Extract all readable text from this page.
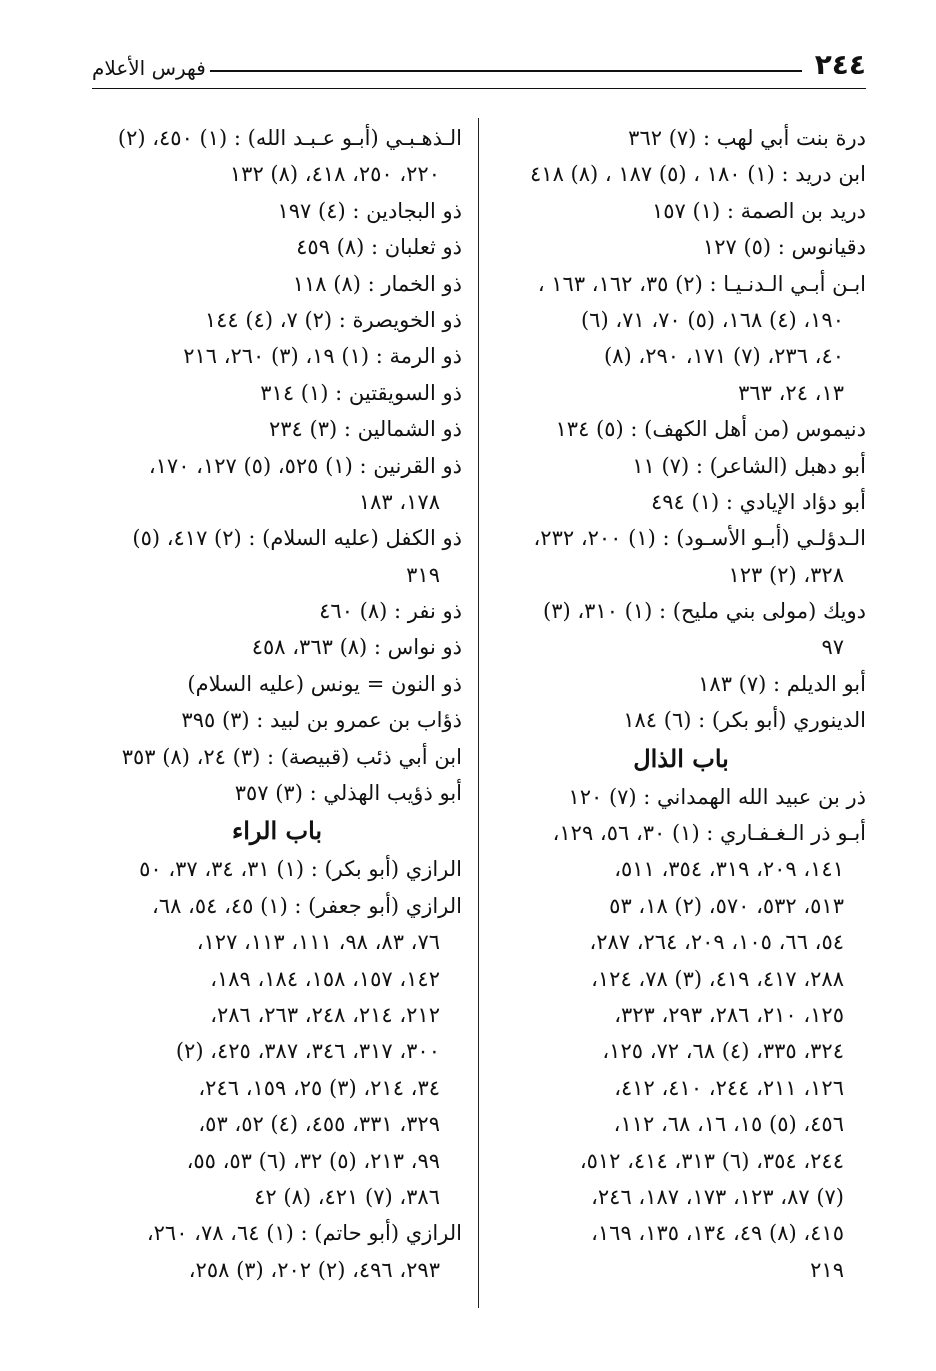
٢٤٤
فهرس الأعلام
درة بنت أبي لهب : (٧) ٣٦٢
ابن دريد : (١) ١٨٠ ، (٥) ١٨٧ ، (٨) ٤١٨
دريد بن الصمة : (١) ١٥٧
دقيانوس : (٥) ١٢٧
ابـن أبـي الـدنـيـا : (٢) ٣٥، ١٦٢، ١٦٣ ،
١٩٠، (٤) ١٦٨، (٥) ٧٠، ٧١، (٦)
٤٠، ٢٣٦، (٧) ١٧١، ٢٩٠، (٨)
١٣، ٢٤، ٣٦٣
دنيموس (من أهل الكهف) : (٥) ١٣٤
أبو دهبل (الشاعر) : (٧) ١١
أبو دؤاد الإيادي : (١) ٤٩٤
الـدؤلـي (أبـو الأسـود) : (١) ٢٠٠، ٢٣٢،
٣٢٨، (٢) ١٢٣
دويك (مولى بني مليح) : (١) ٣١٠، (٣)
٩٧
أبو الديلم : (٧) ١٨٣
الدينوري (أبو بكر) : (٦) ١٨٤
باب الذال
ذر بن عبيد الله الهمداني : (٧) ١٢٠
أبـو ذر الـغـفـاري : (١) ٣٠، ٥٦، ١٢٩،
١٤١، ٢٠٩، ٣١٩، ٣٥٤، ٥١١،
٥١٣، ٥٣٢، ٥٧٠، (٢) ١٨، ٥٣
٥٤، ٦٦، ١٠٥، ٢٠٩، ٢٦٤، ٢٨٧،
٢٨٨، ٤١٧، ٤١٩، (٣) ٧٨، ١٢٤،
١٢٥، ٢١٠، ٢٨٦، ٢٩٣، ٣٢٣،
٣٢٤، ٣٣٥، (٤) ٦٨، ٧٢، ١٢٥،
١٢٦، ٢١١، ٢٤٤، ٤١٠، ٤١٢،
٤٥٦، (٥) ١٥، ١٦، ٦٨، ١١٢،
٢٤٤، ٣٥٤، (٦) ٣١٣، ٤١٤، ٥١٢،
(٧) ٨٧، ١٢٣، ١٧٣، ١٨٧، ٢٤٦،
٤١٥، (٨) ٤٩، ١٣٤، ١٣٥، ١٦٩،
٢١٩
الـذهـبـي (أبـو عـبـد الله) : (١) ٤٥٠، (٢)
٢٢٠، ٢٥٠، ٤١٨، (٨) ١٣٢
ذو البجادين : (٤) ١٩٧
ذو ثعلبان : (٨) ٤٥٩
ذو الخمار : (٨) ١١٨
ذو الخويصرة : (٢) ٧، (٤) ١٤٤
ذو الرمة : (١) ١٩، (٣) ٢٦٠، ٢١٦
ذو السويقتين : (١) ٣١٤
ذو الشمالين : (٣) ٢٣٤
ذو القرنين : (١) ٥٢٥، (٥) ١٢٧، ١٧٠،
١٧٨، ١٨٣
ذو الكفل (عليه السلام) : (٢) ٤١٧، (٥)
٣١٩
ذو نفر : (٨) ٤٦٠
ذو نواس : (٨) ٣٦٣، ٤٥٨
ذو النون = يونس (عليه السلام)
ذؤاب بن عمرو بن لبيد : (٣) ٣٩٥
ابن أبي ذئب (قبيصة) : (٣) ٢٤، (٨) ٣٥٣
أبو ذؤيب الهذلي : (٣) ٣٥٧
باب الراء
الرازي (أبو بكر) : (١) ٣١، ٣٤، ٣٧، ٥٠
الرازي (أبو جعفر) : (١) ٤٥، ٥٤، ٦٨،
٧٦، ٨٣، ٩٨، ١١١، ١١٣، ١٢٧،
١٤٢، ١٥٧، ١٥٨، ١٨٤، ١٨٩،
٢١٢، ٢١٤، ٢٤٨، ٢٦٣، ٢٨٦،
٣٠٠، ٣١٧، ٣٤٦، ٣٨٧، ٤٢٥، (٢)
٣٤، ٢١٤، (٣) ٢٥، ١٥٩، ٢٤٦،
٣٢٩، ٣٣١، ٤٥٥، (٤) ٥٢، ٥٣،
٩٩، ٢١٣، (٥) ٣٢، (٦) ٥٣، ٥٥،
٣٨٦، (٧) ٤٢١، (٨) ٤٢
الرازي (أبو حاتم) : (١) ٦٤، ٧٨، ٢٦٠،
٢٩٣، ٤٩٦، (٢) ٢٠٢، (٣) ٢٥٨،
